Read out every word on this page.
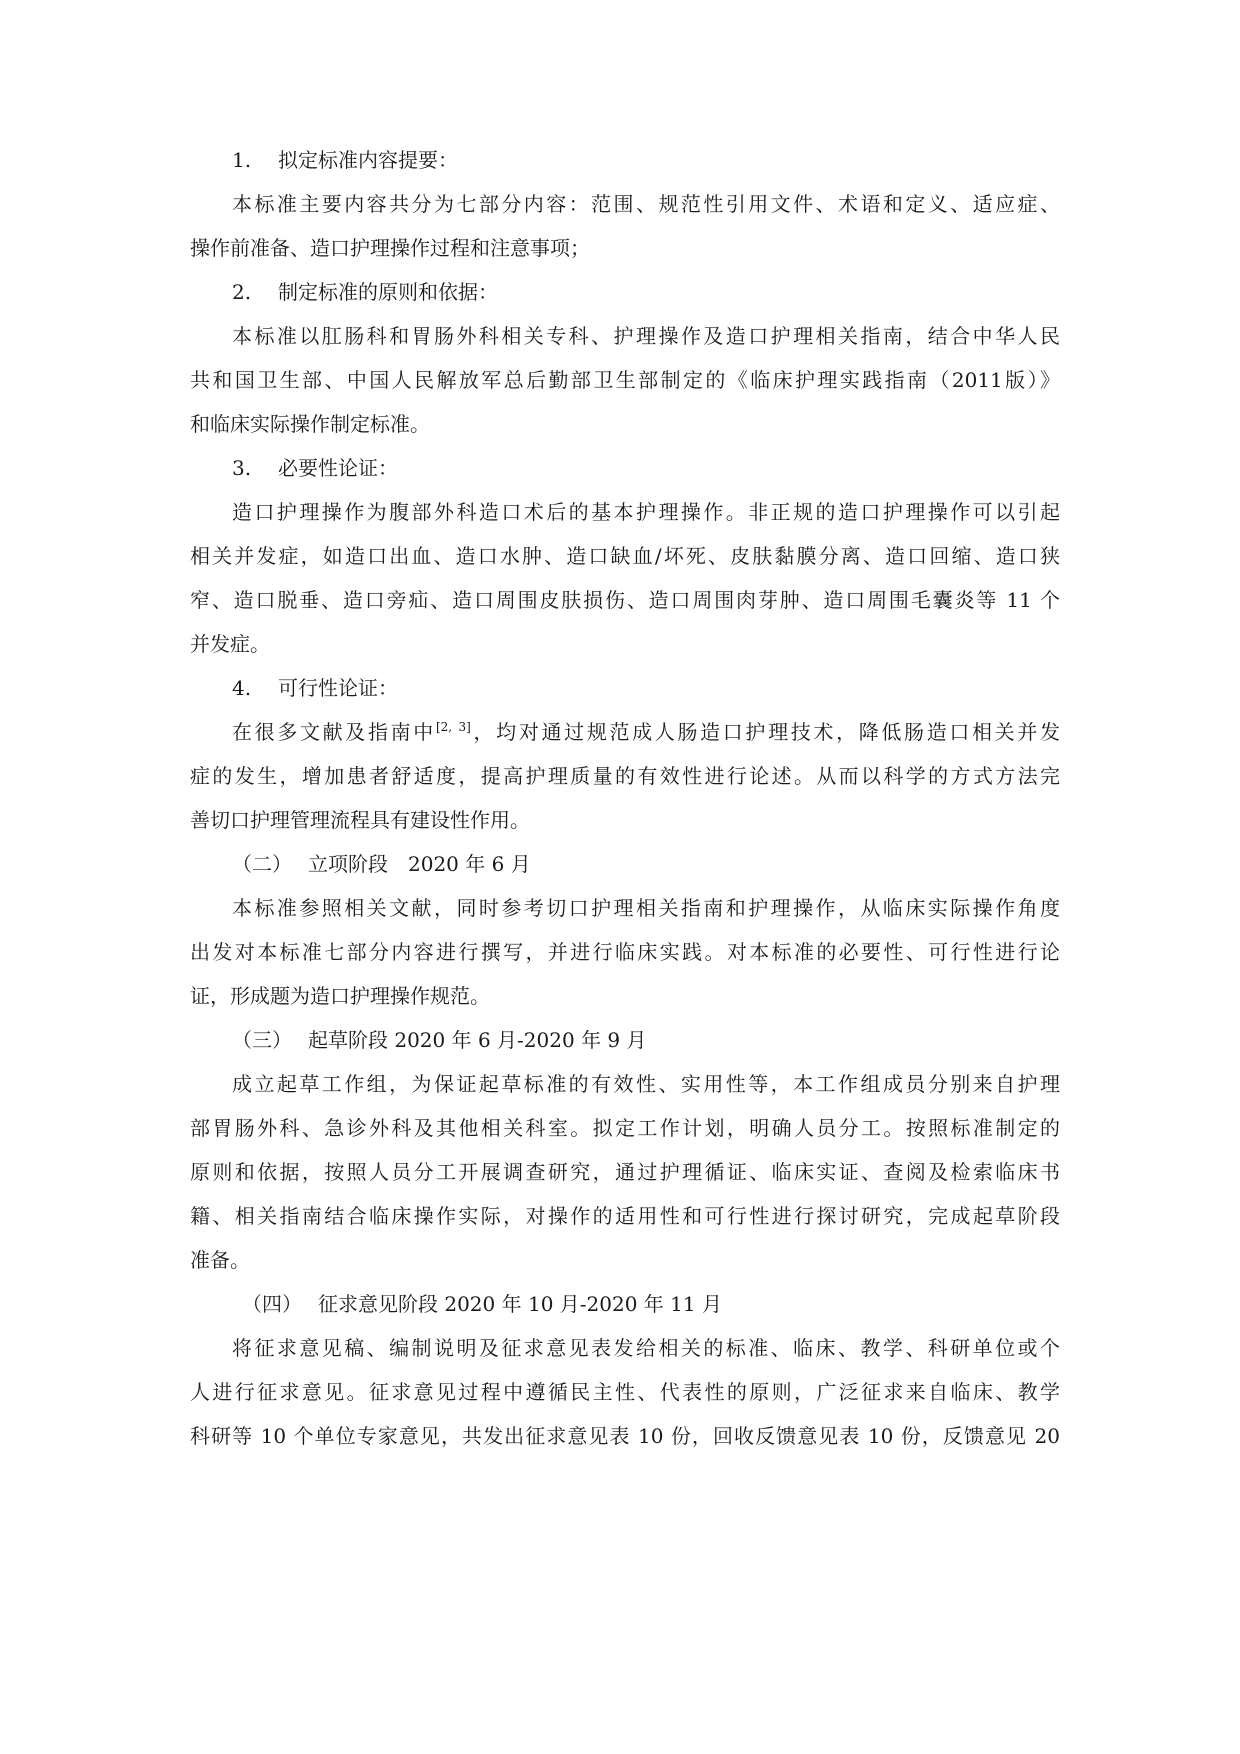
1. 拟定标准内容提要：
本标准主要内容共分为七部分内容：范围、规范性引用文件、术语和定义、适应症、
操作前准备、造口护理操作过程和注意事项；
2. 制定标准的原则和依据：
本标准以肛肠科和胃肠外科相关专科、护理操作及造口护理相关指南，结合中华人民
共和国卫生部、中国人民解放军总后勤部卫生部制定的《临床护理实践指南（2011版）》
和临床实际操作制定标准。
3. 必要性论证：
造口护理操作为腹部外科造口术后的基本护理操作。非正规的造口护理操作可以引起
相关并发症，如造口出血、造口水肿、造口缺血/坏死、皮肤黏膜分离、造口回缩、造口狭
窄、造口脱垂、造口旁疝、造口周围皮肤损伤、造口周围肉芽肿、造口周围毛囊炎等 11 个
并发症。
4. 可行性论证：
在很多文献及指南中[2, 3]，均对通过规范成人肠造口护理技术，降低肠造口相关并发
症的发生，增加患者舒适度，提高护理质量的有效性进行论述。从而以科学的方式方法完
善切口护理管理流程具有建设性作用。
（二） 立项阶段　2020 年 6 月
本标准参照相关文献，同时参考切口护理相关指南和护理操作，从临床实际操作角度
出发对本标准七部分内容进行撰写，并进行临床实践。对本标准的必要性、可行性进行论
证，形成题为造口护理操作规范。
（三） 起草阶段 2020 年 6 月-2020 年 9 月
成立起草工作组，为保证起草标准的有效性、实用性等，本工作组成员分别来自护理
部胃肠外科、急诊外科及其他相关科室。拟定工作计划，明确人员分工。按照标准制定的
原则和依据，按照人员分工开展调查研究，通过护理循证、临床实证、查阅及检索临床书
籍、相关指南结合临床操作实际，对操作的适用性和可行性进行探讨研究，完成起草阶段
准备。
（四） 征求意见阶段 2020 年 10 月-2020 年 11 月
将征求意见稿、编制说明及征求意见表发给相关的标准、临床、教学、科研单位或个
人进行征求意见。征求意见过程中遵循民主性、代表性的原则，广泛征求来自临床、教学
科研等 10 个单位专家意见，共发出征求意见表 10 份，回收反馈意见表 10 份，反馈意见 20
